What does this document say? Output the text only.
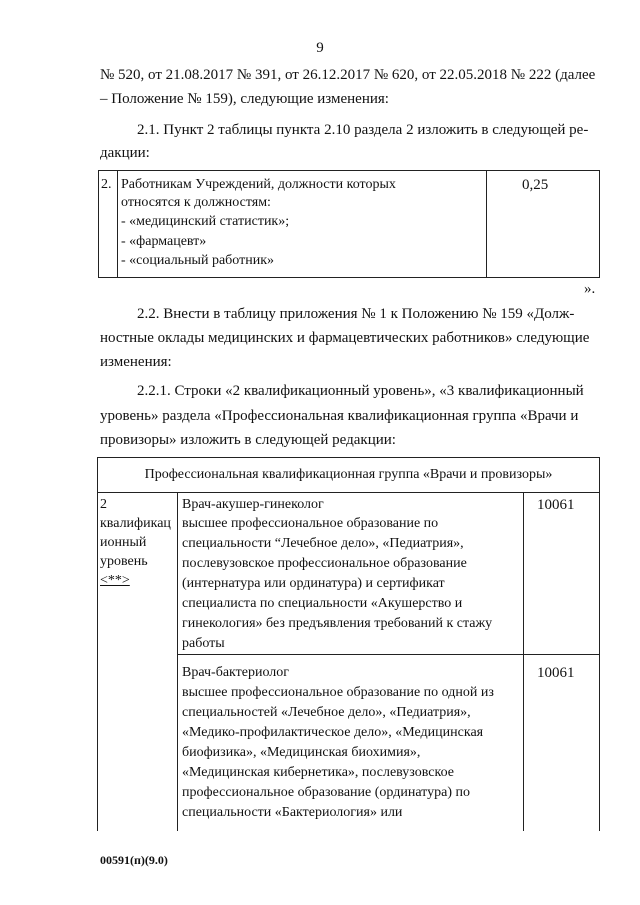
9
№ 520, от 21.08.2017 № 391, от 26.12.2017 № 620, от 22.05.2018 № 222 (далее
– Положение № 159), следующие изменения:
2.1. Пункт 2 таблицы пункта 2.10 раздела 2 изложить в следующей ре-
дакции:
2. Работникам Учреждений, должности которых
относятся к должностям:
- «медицинский статистик»;
- «фармацевт»
- «социальный работник»
0,25
».
2.2. Внести в таблицу приложения № 1 к Положению № 159 «Долж-
ностные оклады медицинских и фармацевтических работников» следующие
изменения:
2.2.1. Строки «2 квалификационный уровень», «3 квалификационный
уровень» раздела «Профессиональная квалификационная группа «Врачи и
провизоры» изложить в следующей редакции:
Профессиональная квалификационная группа «Врачи и провизоры»
2
квалификац
ионный
уровень
<**>
Врач-акушер-гинеколог
высшее профессиональное образование по
специальности “Лечебное дело», «Педиатрия»,
послевузовское профессиональное образование
(интернатура или ординатура) и сертификат
специалиста по специальности «Акушерство и
гинекология» без предъявления требований к стажу
работы
10061
Врач-бактериолог
высшее профессиональное образование по одной из
специальностей «Лечебное дело», «Педиатрия»,
«Медико-профилактическое дело», «Медицинская
биофизика», «Медицинская биохимия»,
«Медицинская кибернетика», послевузовское
профессиональное образование (ординатура) по
специальности «Бактериология» или
10061
00591(п)(9.0)
